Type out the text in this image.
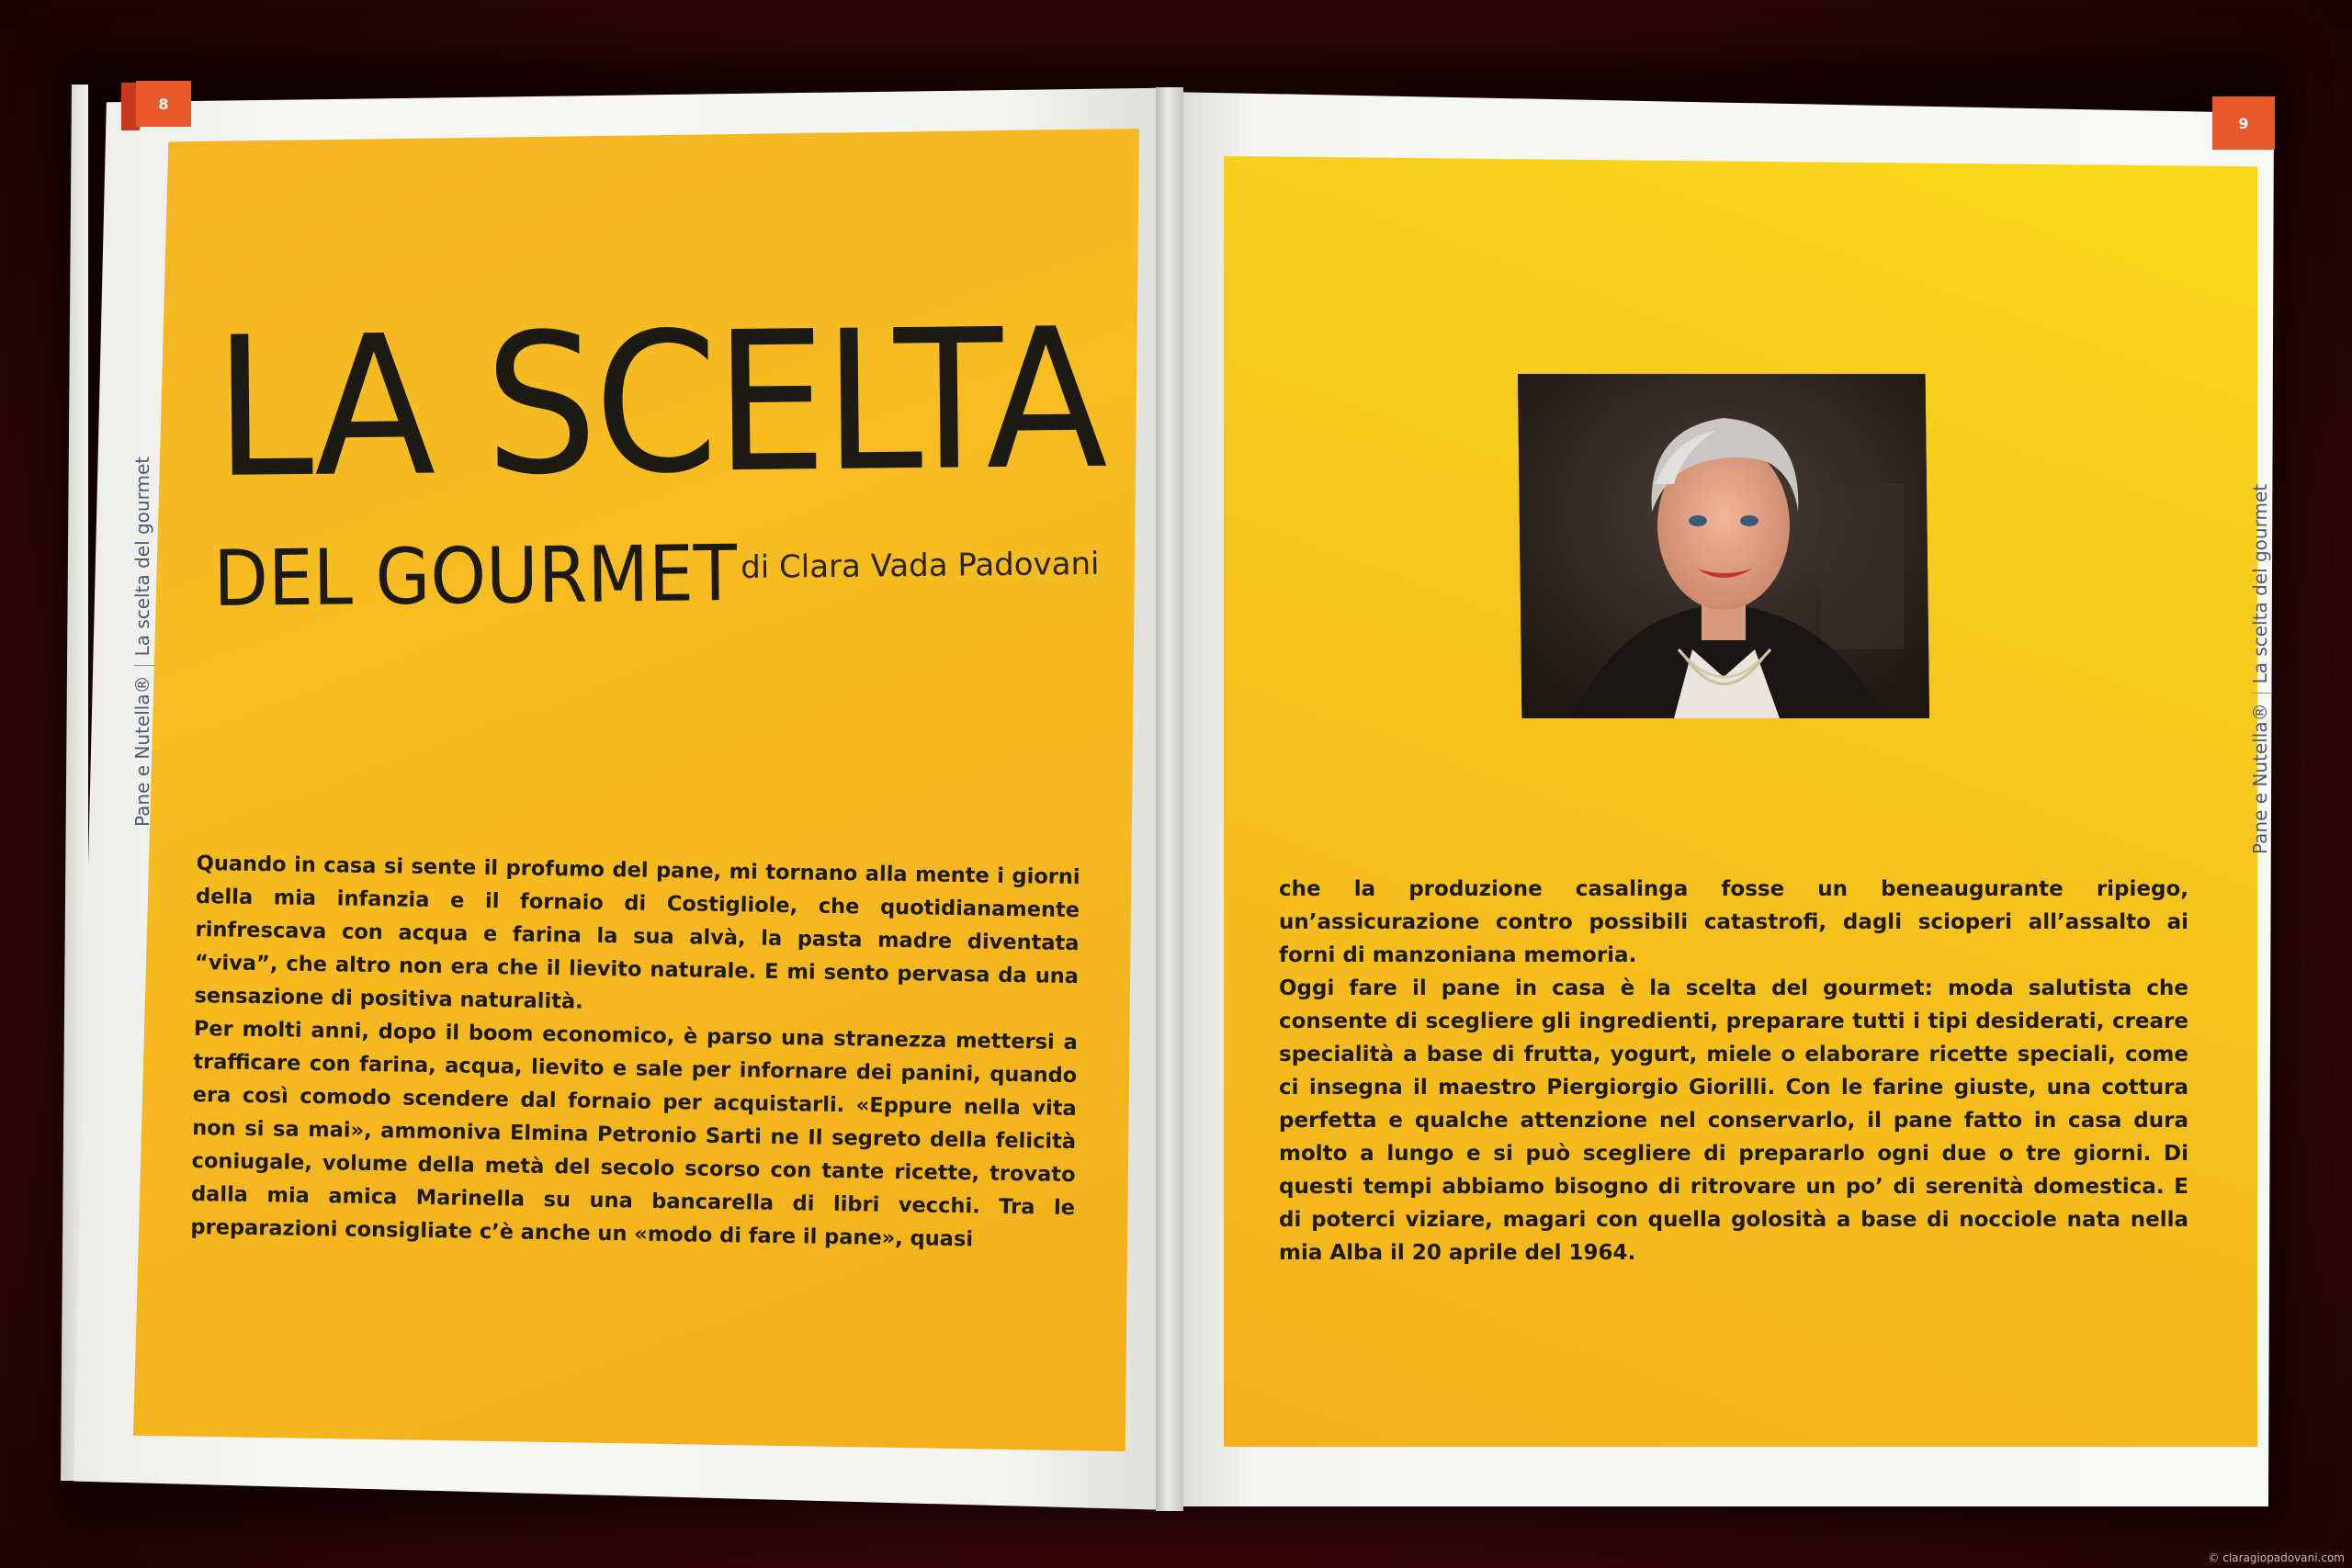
8
9
Pane e Nutella®La scelta del gourmet
Pane e Nutella®La scelta del gourmet
LA SCELTA
DEL GOURMET di Clara Vada Padovani

Quando in casa si sente il profumo del pane, mi tornano alla mente i giorni della mia infanzia e il fornaio di Costigliole, che quotidianamente rinfrescava con acqua e farina la sua alvà, la pasta madre diventata “viva”, che altro non era che il lievito naturale. E mi sento pervasa da una sensazione di positiva naturalità.

Per molti anni, dopo il boom economico, è parso una stranezza mettersi a trafficare con farina, acqua, lievito e sale per infornare dei panini, quando era così comodo scendere dal fornaio per acquistarli. «Eppure nella vita non si sa mai», ammoniva Elmina Petronio Sarti ne Il segreto della felicità coniugale, volume della metà del secolo scorso con tante ricette, trovato dalla mia amica Marinella su una bancarella di libri vecchi. Tra le preparazioni consigliate c’è anche un «modo di fare il pane», quasi

che la produzione casalinga fosse un beneaugurante ripiego, un’assicurazione contro possibili catastrofi, dagli scioperi all’assalto ai forni di manzoniana memoria.

Oggi fare il pane in casa è la scelta del gourmet: moda salutista che consente di scegliere gli ingredienti, preparare tutti i tipi desiderati, creare specialità a base di frutta, yogurt, miele o elaborare ricette speciali, come ci insegna il maestro Piergiorgio Giorilli. Con le farine giuste, una cottura perfetta e qualche attenzione nel conservarlo, il pane fatto in casa dura molto a lungo e si può scegliere di prepararlo ogni due o tre giorni. Di questi tempi abbiamo bisogno di ritrovare un po’ di serenità domestica. E di poterci viziare, magari con quella golosità a base di nocciole nata nella mia Alba il 20 aprile del 1964.

© claragiopadovani.com
